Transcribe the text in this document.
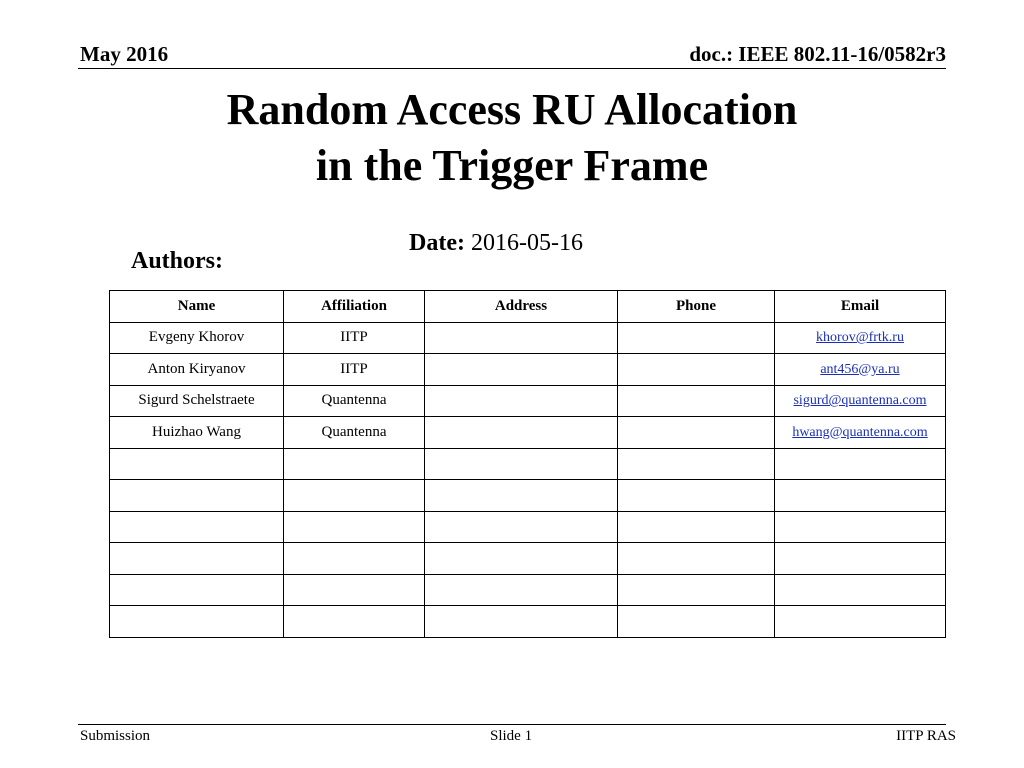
May 2016	doc.: IEEE 802.11-16/0582r3
Random Access RU Allocation
in the Trigger Frame
Date: 2016-05-16
Authors:
Name	Affiliation	Address	Phone	Email
Evgeny Khorov	IITP			khorov@frtk.ru
Anton Kiryanov	IITP			ant456@ya.ru
Sigurd Schelstraete	Quantenna			sigurd@quantenna.com
Huizhao Wang	Quantenna			hwang@quantenna.com

Submission	Slide 1	IITP RAS
